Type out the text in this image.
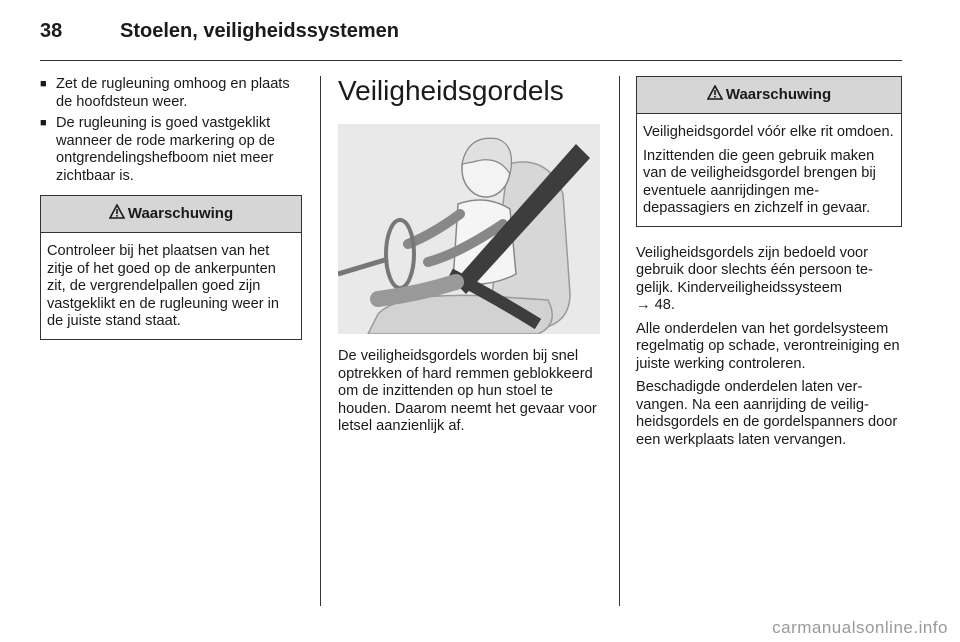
38	Stoelen, veiligheidssystemen
■ Zet de rugleuning omhoog en plaats de hoofdsteun weer.
■ De rugleuning is goed vastgeklikt wanneer de rode markering op de ontgrendelingshefboom niet meer zichtbaar is.
Waarschuwing

Controleer bij het plaatsen van het zitje of het goed op de ankerpunten zit, de vergrendelpallen goed zijn vastgeklikt en de rugleuning weer in de juiste stand staat.

Veiligheidsgordels

De veiligheidsgordels worden bij snel optrekken of hard remmen geblokkeerd om de inzittenden op hun stoel te houden. Daarom neemt het gevaar voor letsel aanzienlijk af.

Waarschuwing

Veiligheidsgordel vóór elke rit omdoen.

Inzittenden die geen gebruik maken van de veiligheidsgordel brengen bij eventuele aanrijdingen medepassagiers en zichzelf in gevaar.

Veiligheidsgordels zijn bedoeld voor gebruik door slechts één persoon tegelijk. Kinderveiligheidssysteem
→ 48.

Alle onderdelen van het gordelsysteem regelmatig op schade, verontreiniging en juiste werking controleren.

Beschadigde onderdelen laten vervangen. Na een aanrijding de veiligheidsgordels en de gordelspanners door een werkplaats laten vervangen.

carmanualsonline.info
